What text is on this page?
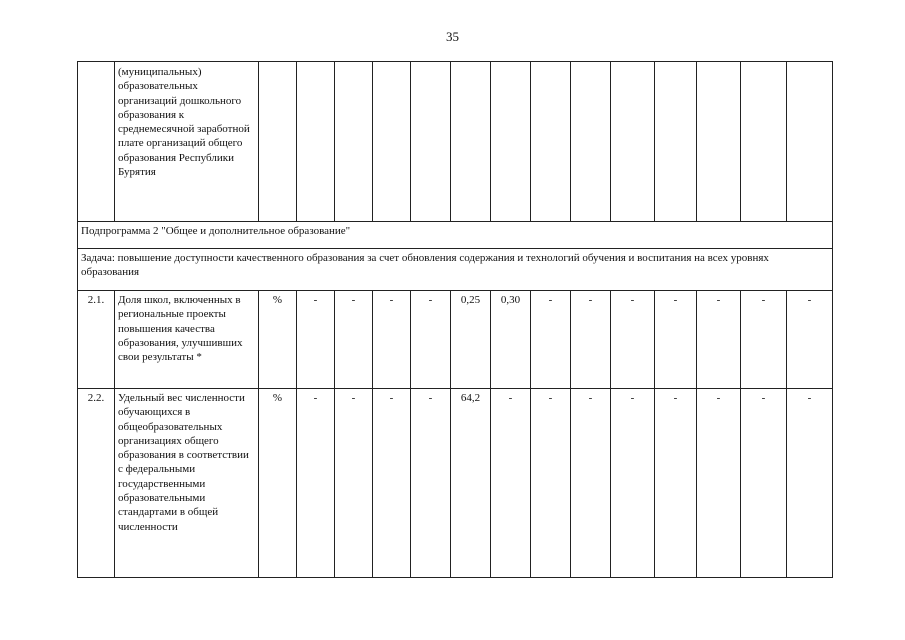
35
	(муниципальных) образовательных организаций дошкольного образования к среднемесячной заработной плате организаций общего образования Республики Бурятия														
Подпрограмма 2 "Общее и дополнительное образование"															
Задача: повышение доступности качественного образования за счет обновления содержания и технологий обучения и воспитания на всех уровнях образования															
2.1.	Доля школ, включенных в региональные проекты повышения качества образования, улучшивших свои результаты *	%	-	-	-	-	0,25	0,30	-	-	-	-	-	-	-
2.2.	Удельный вес численности обучающихся в общеобразовательных организациях общего образования в соответствии с федеральными государственными образовательными стандартами в общей численности	%	-	-	-	-	64,2	-	-	-	-	-	-	-	-
